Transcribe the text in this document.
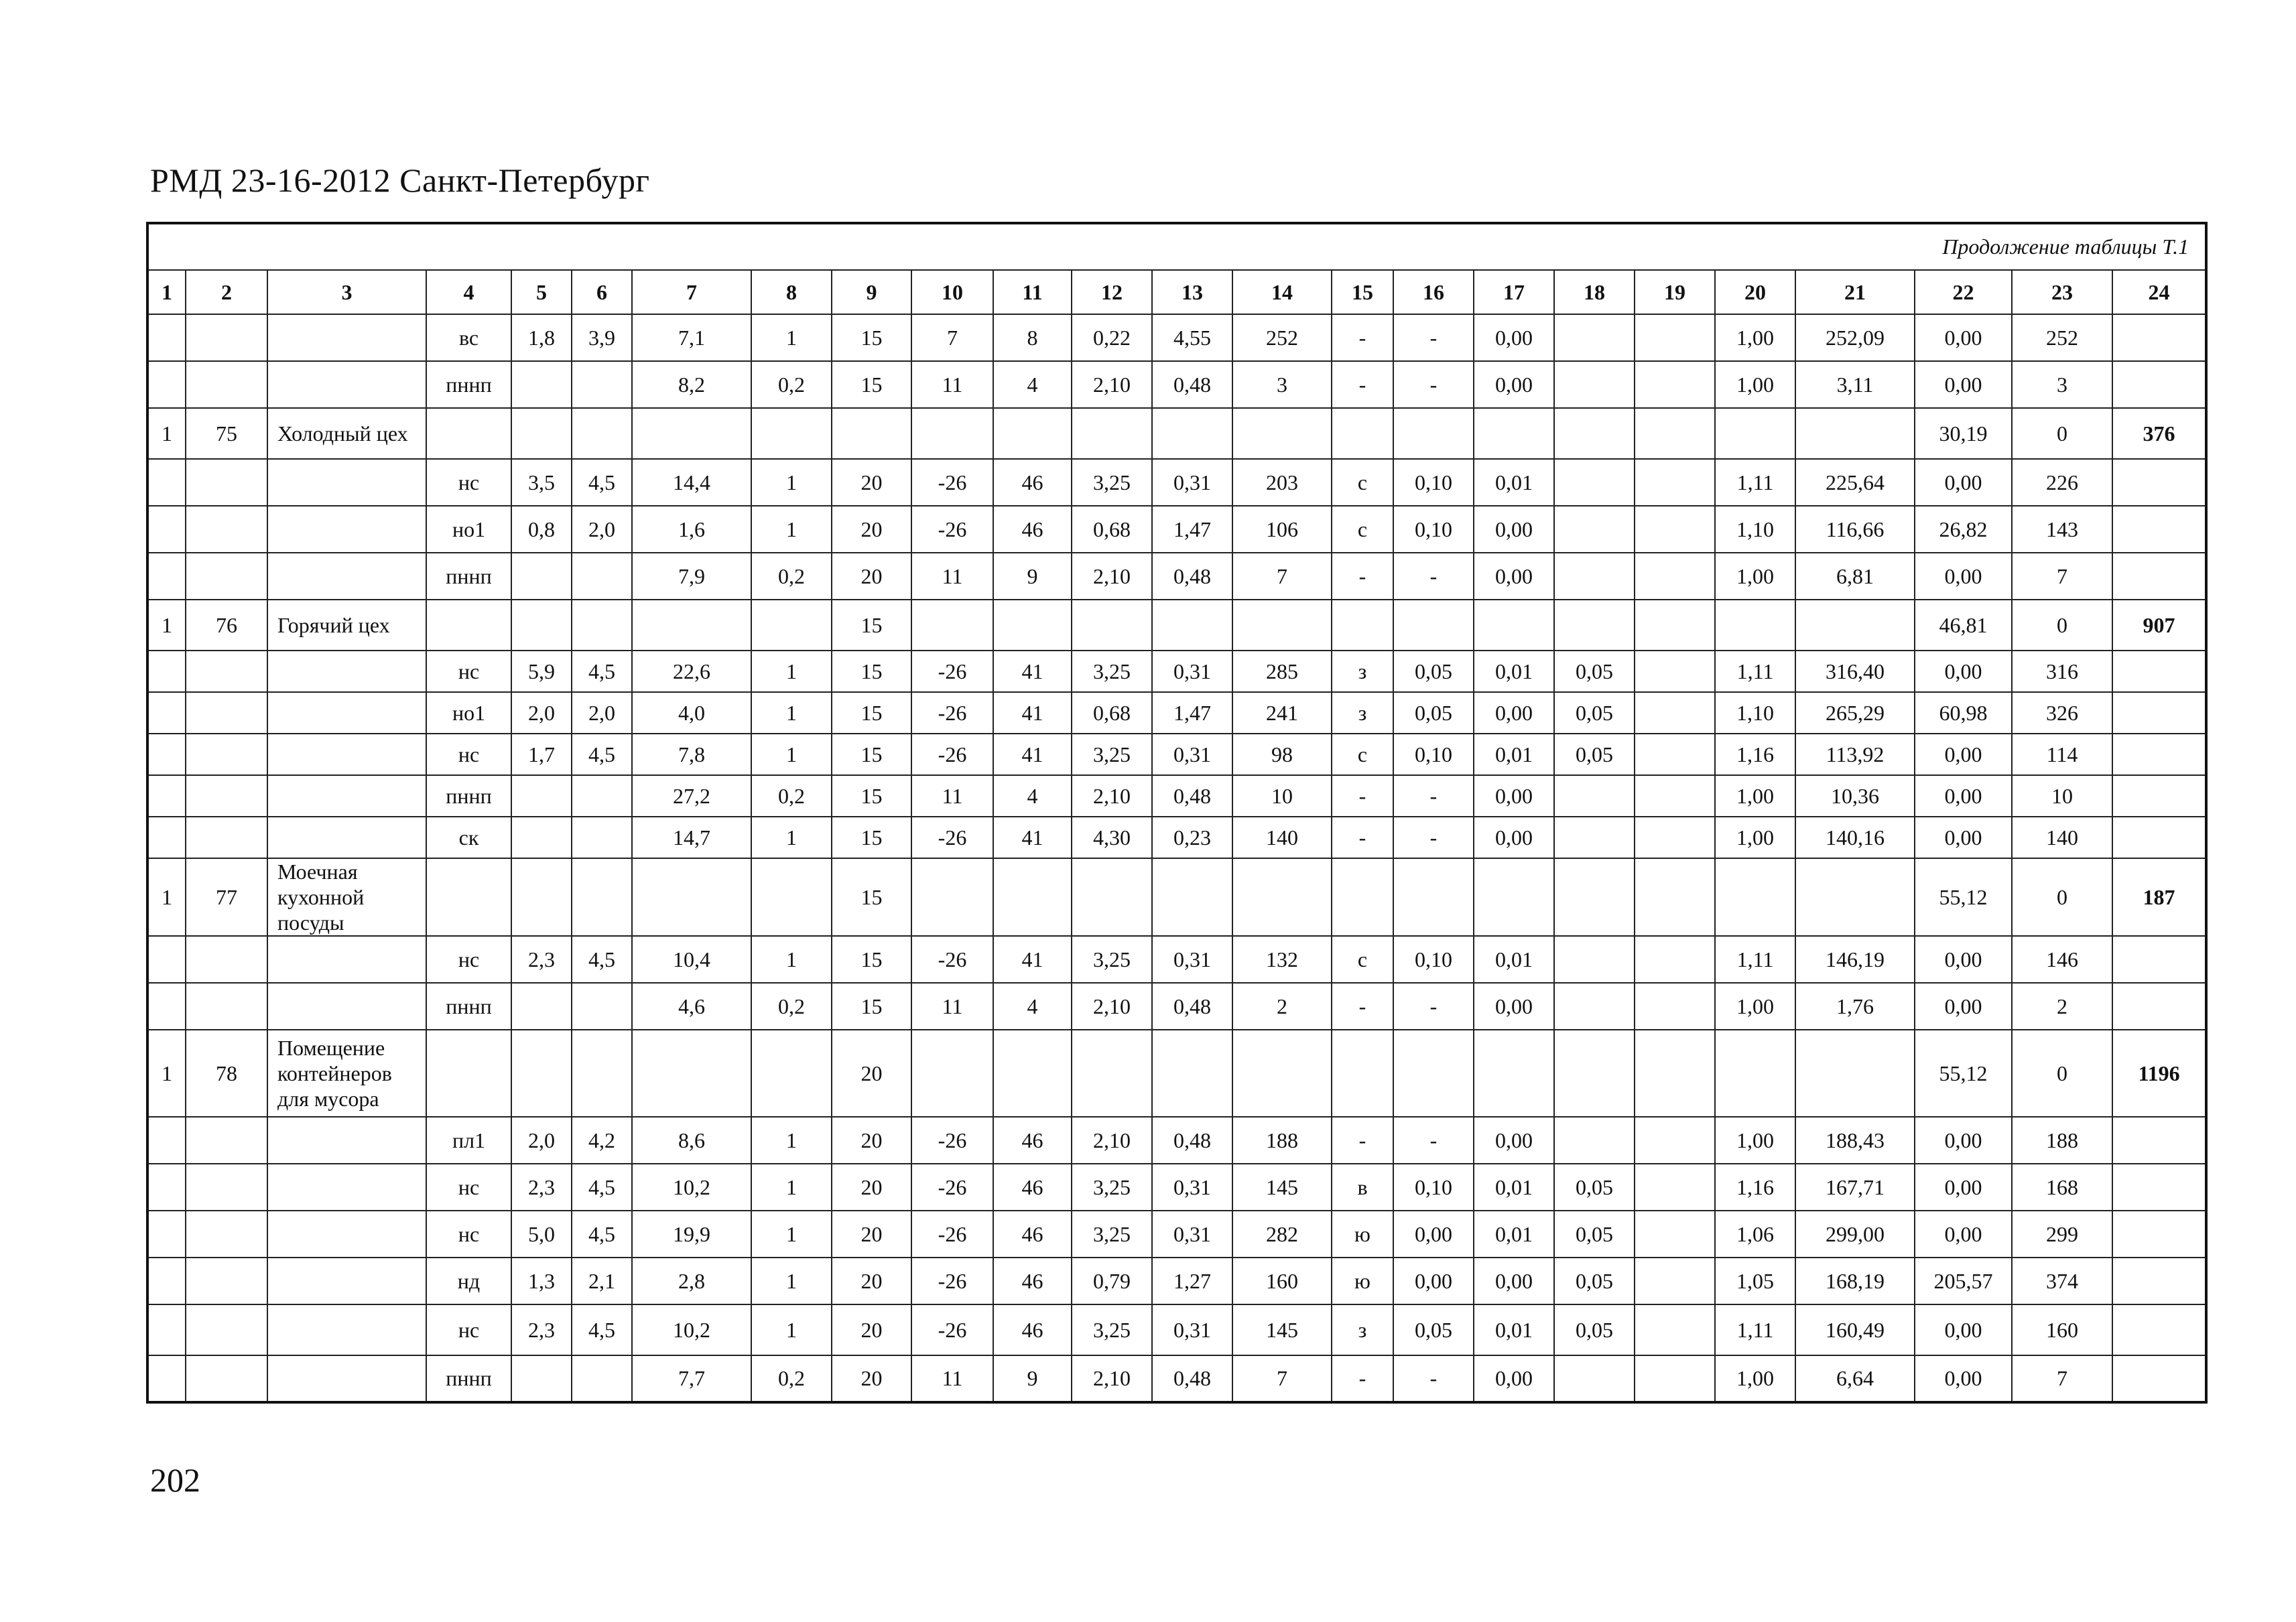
РМД 23-16-2012 Санкт-Петербург
Продолжение таблицы Т.1																							
1	2	3	4	5	6	7	8	9	10	11	12	13	14	15	16	17	18	19	20	21	22	23	24
			вс	1,8	3,9	7,1	1	15	7	8	0,22	4,55	252	-	-	0,00			1,00	252,09	0,00	252	
			пннп			8,2	0,2	15	11	4	2,10	0,48	3	-	-	0,00			1,00	3,11	0,00	3	
1	75	Холодный цех																			30,19	0	376
			нс	3,5	4,5	14,4	1	20	-26	46	3,25	0,31	203	с	0,10	0,01			1,11	225,64	0,00	226	
			но1	0,8	2,0	1,6	1	20	-26	46	0,68	1,47	106	с	0,10	0,00			1,10	116,66	26,82	143	
			пннп			7,9	0,2	20	11	9	2,10	0,48	7	-	-	0,00			1,00	6,81	0,00	7	
1	76	Горячий цех						15													46,81	0	907
			нс	5,9	4,5	22,6	1	15	-26	41	3,25	0,31	285	з	0,05	0,01	0,05		1,11	316,40	0,00	316	
			но1	2,0	2,0	4,0	1	15	-26	41	0,68	1,47	241	з	0,05	0,00	0,05		1,10	265,29	60,98	326	
			нс	1,7	4,5	7,8	1	15	-26	41	3,25	0,31	98	с	0,10	0,01	0,05		1,16	113,92	0,00	114	
			пннп			27,2	0,2	15	11	4	2,10	0,48	10	-	-	0,00			1,00	10,36	0,00	10	
			ск			14,7	1	15	-26	41	4,30	0,23	140	-	-	0,00			1,00	140,16	0,00	140	
1	77	Моечная кухонной посуды						15													55,12	0	187
			нс	2,3	4,5	10,4	1	15	-26	41	3,25	0,31	132	с	0,10	0,01			1,11	146,19	0,00	146	
			пннп			4,6	0,2	15	11	4	2,10	0,48	2	-	-	0,00			1,00	1,76	0,00	2	
1	78	Помещение контейнеров для мусора						20													55,12	0	1196
			пл1	2,0	4,2	8,6	1	20	-26	46	2,10	0,48	188	-	-	0,00			1,00	188,43	0,00	188	
			нс	2,3	4,5	10,2	1	20	-26	46	3,25	0,31	145	в	0,10	0,01	0,05		1,16	167,71	0,00	168	
			нс	5,0	4,5	19,9	1	20	-26	46	3,25	0,31	282	ю	0,00	0,01	0,05		1,06	299,00	0,00	299	
			нд	1,3	2,1	2,8	1	20	-26	46	0,79	1,27	160	ю	0,00	0,00	0,05		1,05	168,19	205,57	374	
			нс	2,3	4,5	10,2	1	20	-26	46	3,25	0,31	145	з	0,05	0,01	0,05		1,11	160,49	0,00	160	
			пннп			7,7	0,2	20	11	9	2,10	0,48	7	-	-	0,00			1,00	6,64	0,00	7	
202
